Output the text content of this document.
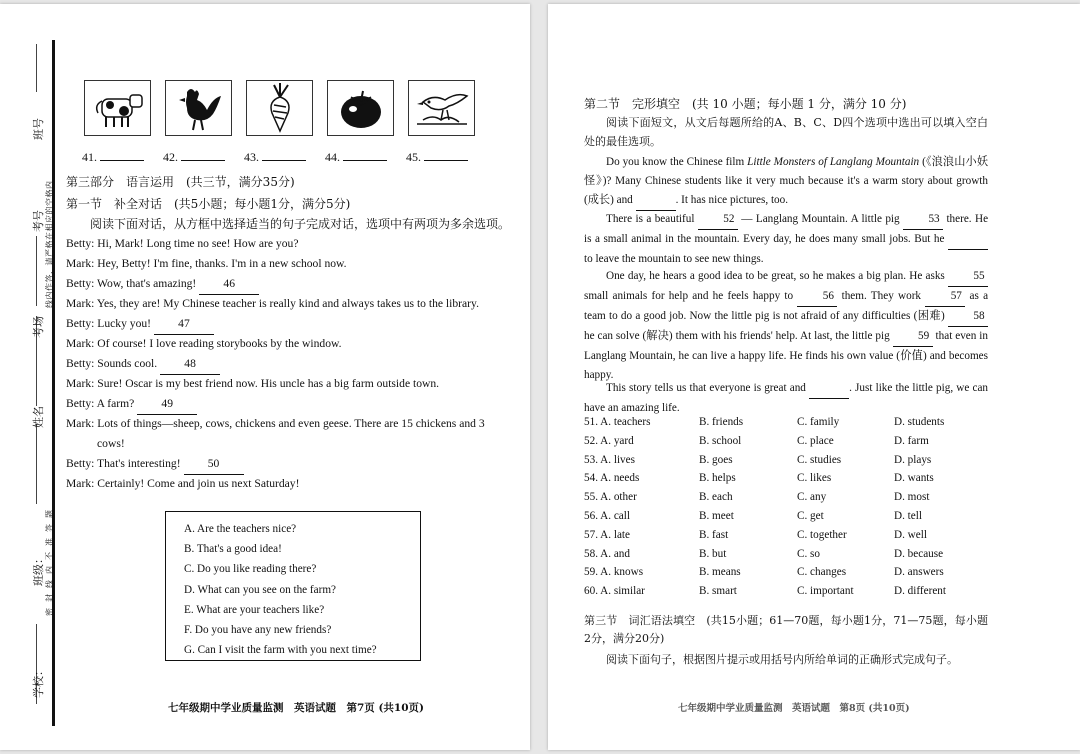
班号
考号 线内作答，请严格在相应的空格内
考场
姓名
密封线内不准答题
班级：
学校：
41.	42.	43.	44.	45.
第三部分　语言运用　(共三节，满分35分)
第一节　补全对话　(共5小题；每小题1分，满分5分)
阅读下面对话，从方框中选择适当的句子完成对话，选项中有两项为多余选项。
Betty: Hi, Mark! Long time no see! How are you?
Mark: Hey, Betty! I'm fine, thanks. I'm in a new school now.
Betty: Wow, that's amazing! 46
Mark: Yes, they are! My Chinese teacher is really kind and always takes us to the library.
Betty: Lucky you! 47
Mark: Of course! I love reading storybooks by the window.
Betty: Sounds cool. 48
Mark: Sure! Oscar is my best friend now. His uncle has a big farm outside town.
Betty: A farm? 49
Mark: Lots of things—sheep, cows, chickens and even geese. There are 15 chickens and 3
cows!
Betty: That's interesting! 50
Mark: Certainly! Come and join us next Saturday!
A. Are the teachers nice?
B. That's a good idea!
C. Do you like reading there?
D. What can you see on the farm?
E. What are your teachers like?
F. Do you have any new friends?
G. Can I visit the farm with you next time?
七年级期中学业质量监测　英语试题　第7页 (共10页)
第二节　完形填空　(共 10 小题；每小题 1 分，满分 10 分)
阅读下面短文，从文后每题所给的A、B、C、D四个选项中选出可以填入空白处的最佳选项。
Do you know the Chinese film Little Monsters of Langlang Mountain (《浪浪山小妖怪》)? Many Chinese students like it very much because it's a warm story about growth (成长) and	. It has nice pictures, too.
There is a beautiful	52 — Langlang Mountain. A little pig	53 there. He is a small animal in the mountain. Every day, he does many small jobs. But he  to leave the mountain to see new things.
One day, he hears a good idea to be great, so he makes a big plan. He asks	55 small animals for help and he feels happy to	56 them. They work	57 as a team to do a good job. Now the little pig is not afraid of any difficulties (困难)	58 he can solve (解决) them with his friends' help. At last, the little pig	59 that even in Langlang Mountain, he can live a happy life. He finds his own value (价值) and becomes happy.
This story tells us that everyone is great and	. Just like the little pig, we can have an amazing life.
51. A. teachers	B. friends	C. family	D. students
52. A. yard	B. school	C. place	D. farm
53. A. lives	B. goes	C. studies	D. plays
54. A. needs	B. helps	C. likes	D. wants
55. A. other	B. each	C. any	D. most
56. A. call	B. meet	C. get	D. tell
57. A. late	B. fast	C. together	D. well
58. A. and	B. but	C. so	D. because
59. A. knows	B. means	C. changes	D. answers
60. A. similar	B. smart	C. important	D. different
第三节　词汇语法填空　(共15小题；61—70题，每小题1分，71—75题，每小题2分，满分20分)
阅读下面句子，根据图片提示或用括号内所给单词的正确形式完成句子。
七年级期中学业质量监测　英语试题　第8页 (共10页)
